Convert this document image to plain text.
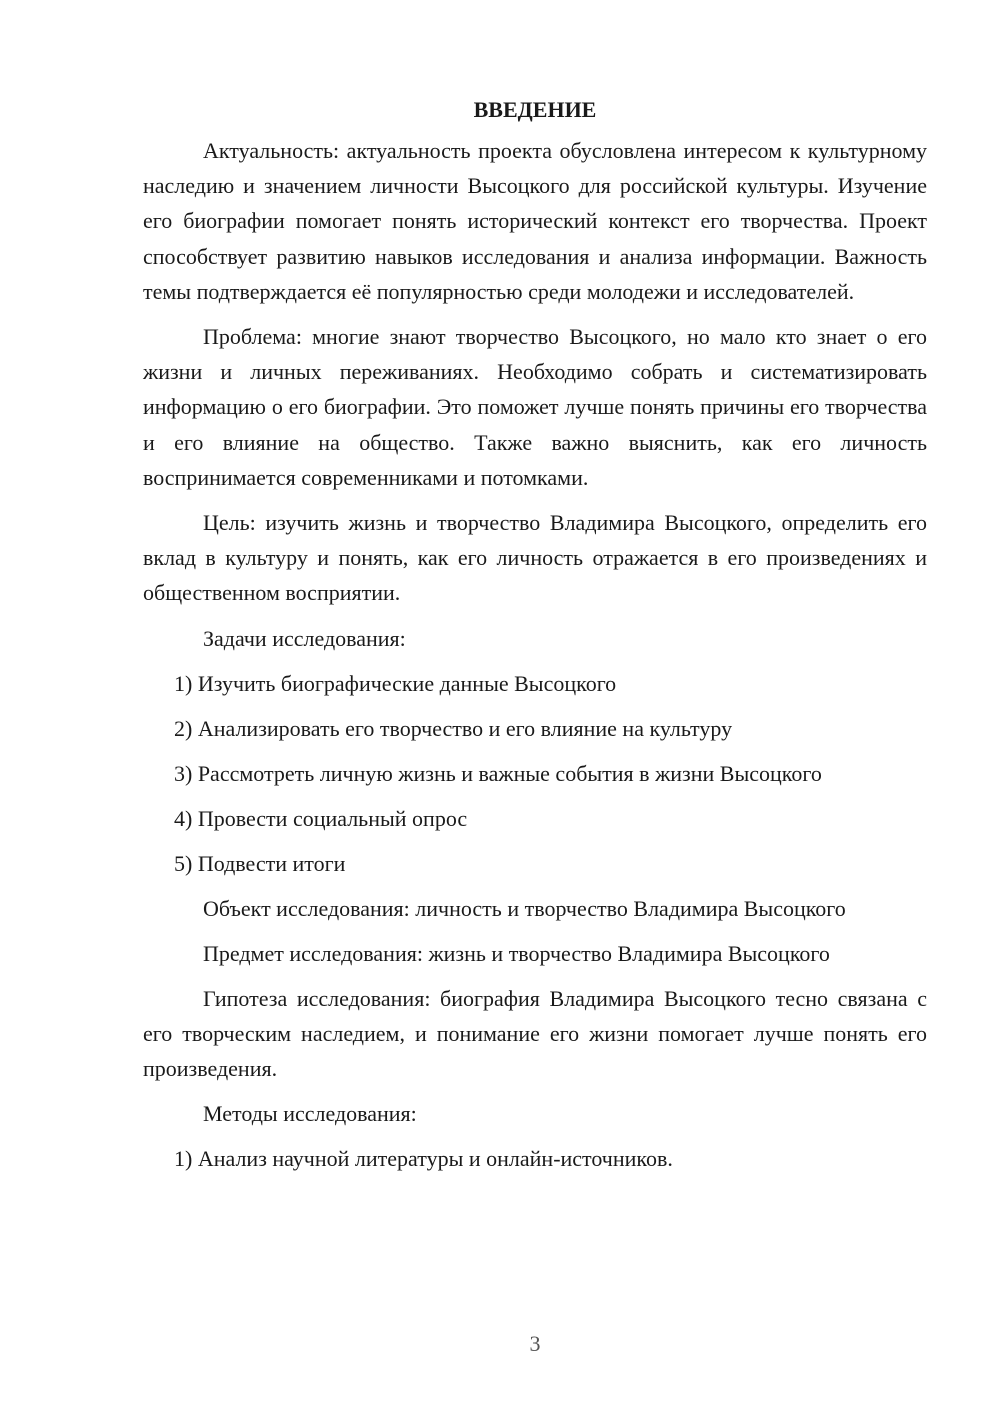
ВВЕДЕНИЕ

Актуальность: актуальность проекта обусловлена интересом к культурному наследию и значением личности Высоцкого для российской культуры. Изучение его биографии помогает понять исторический контекст его творчества. Проект способствует развитию навыков исследования и анализа информации. Важность темы подтверждается её популярностью среди молодежи и исследователей.

Проблема: многие знают творчество Высоцкого, но мало кто знает о его жизни и личных переживаниях. Необходимо собрать и систематизировать информацию о его биографии. Это поможет лучше понять причины его творчества и его влияние на общество. Также важно выяснить, как его личность воспринимается современниками и потомками.

Цель: изучить жизнь и творчество Владимира Высоцкого, определить его вклад в культуру и понять, как его личность отражается в его произведениях и общественном восприятии.

Задачи исследования:

1) Изучить биографические данные Высоцкого

2) Анализировать его творчество и его влияние на культуру

3) Рассмотреть личную жизнь и важные события в жизни Высоцкого

4) Провести социальный опрос

5) Подвести итоги

Объект исследования: личность и творчество Владимира Высоцкого

Предмет исследования: жизнь и творчество Владимира Высоцкого

Гипотеза исследования: биография Владимира Высоцкого тесно связана с его творческим наследием, и понимание его жизни помогает лучше понять его произведения.

Методы исследования:

1) Анализ научной литературы и онлайн-источников.

3
